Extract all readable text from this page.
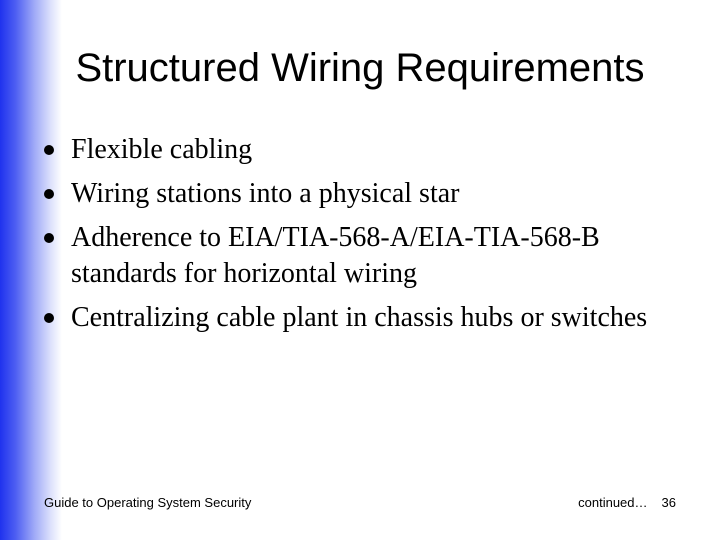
Structured Wiring Requirements
Flexible cabling
Wiring stations into a physical star
Adherence to EIA/TIA-568-A/EIA-TIA-568-B standards for horizontal wiring
Centralizing cable plant in chassis hubs or switches
Guide to Operating System Security	continued… 36
